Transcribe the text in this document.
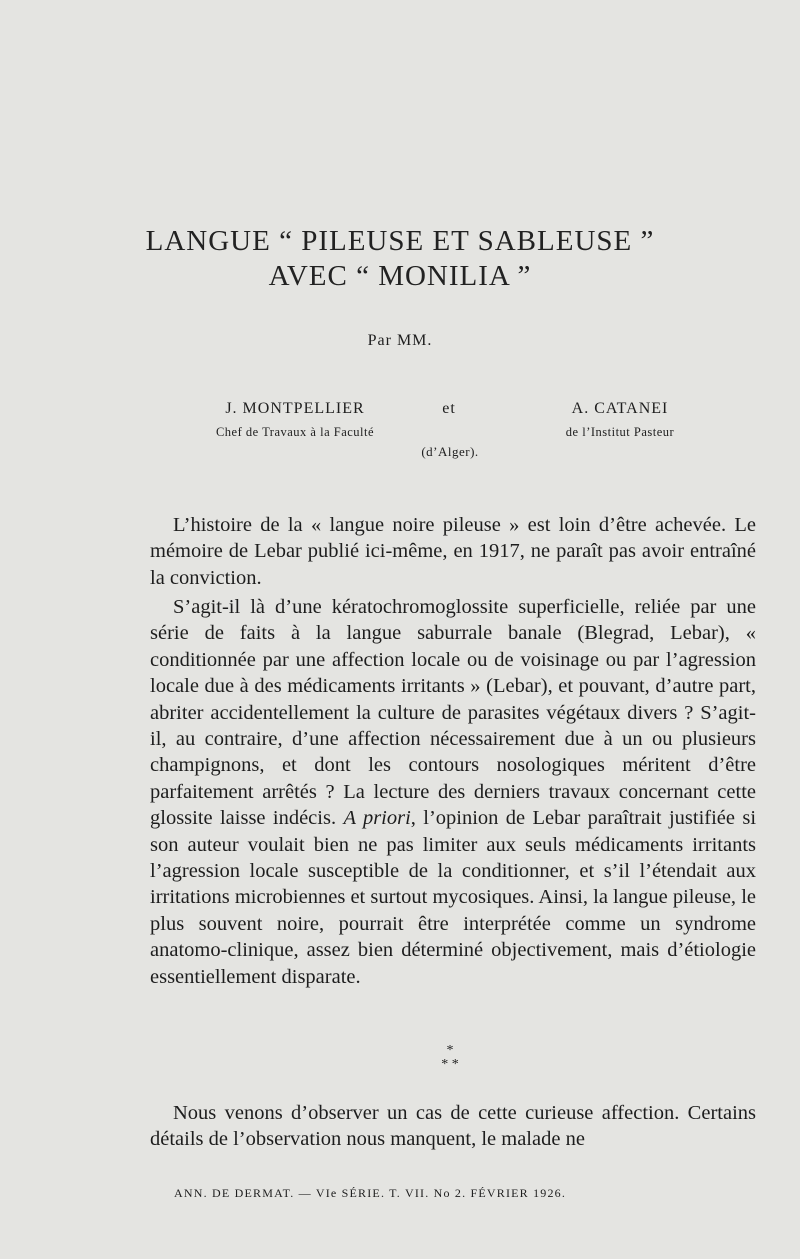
LANGUE “ PILEUSE ET SABLEUSE ”
AVEC “ MONILIA ”
Par MM.
J. MONTPELLIER
Chef de Travaux à la Faculté
et	A. CATANEI
de l’Institut Pasteur
(d’Alger).

L’histoire de la « langue noire pileuse » est loin d’être achevée. Le mémoire de Lebar publié ici-même, en 1917, ne paraît pas avoir entraîné la conviction.

S’agit-il là d’une kératochromoglossite superficielle, reliée par une série de faits à la langue saburrale banale (Blegrad, Lebar), « conditionnée par une affection locale ou de voisinage ou par l’agression locale due à des médicaments irritants » (Lebar), et pouvant, d’autre part, abriter accidentellement la culture de parasites végétaux divers ? S’agit-il, au contraire, d’une affection nécessairement due à un ou plusieurs champignons, et dont les contours nosologiques méritent d’être parfaitement arrêtés ? La lecture des derniers travaux concernant cette glossite laisse indécis. A priori, l’opinion de Lebar paraîtrait justifiée si son auteur voulait bien ne pas limiter aux seuls médicaments irritants l’agression locale susceptible de la conditionner, et s’il l’étendait aux irritations microbiennes et surtout mycosiques. Ainsi, la langue pileuse, le plus souvent noire, pourrait être interprétée comme un syndrome anatomo-clinique, assez bien déterminé objectivement, mais d’étiologie essentiellement disparate.

*
* *

Nous venons d’observer un cas de cette curieuse affection. Certains détails de l’observation nous manquent, le malade ne

ANN. DE DERMAT. — VIe SÉRIE. T. VII. No 2. FÉVRIER 1926.
